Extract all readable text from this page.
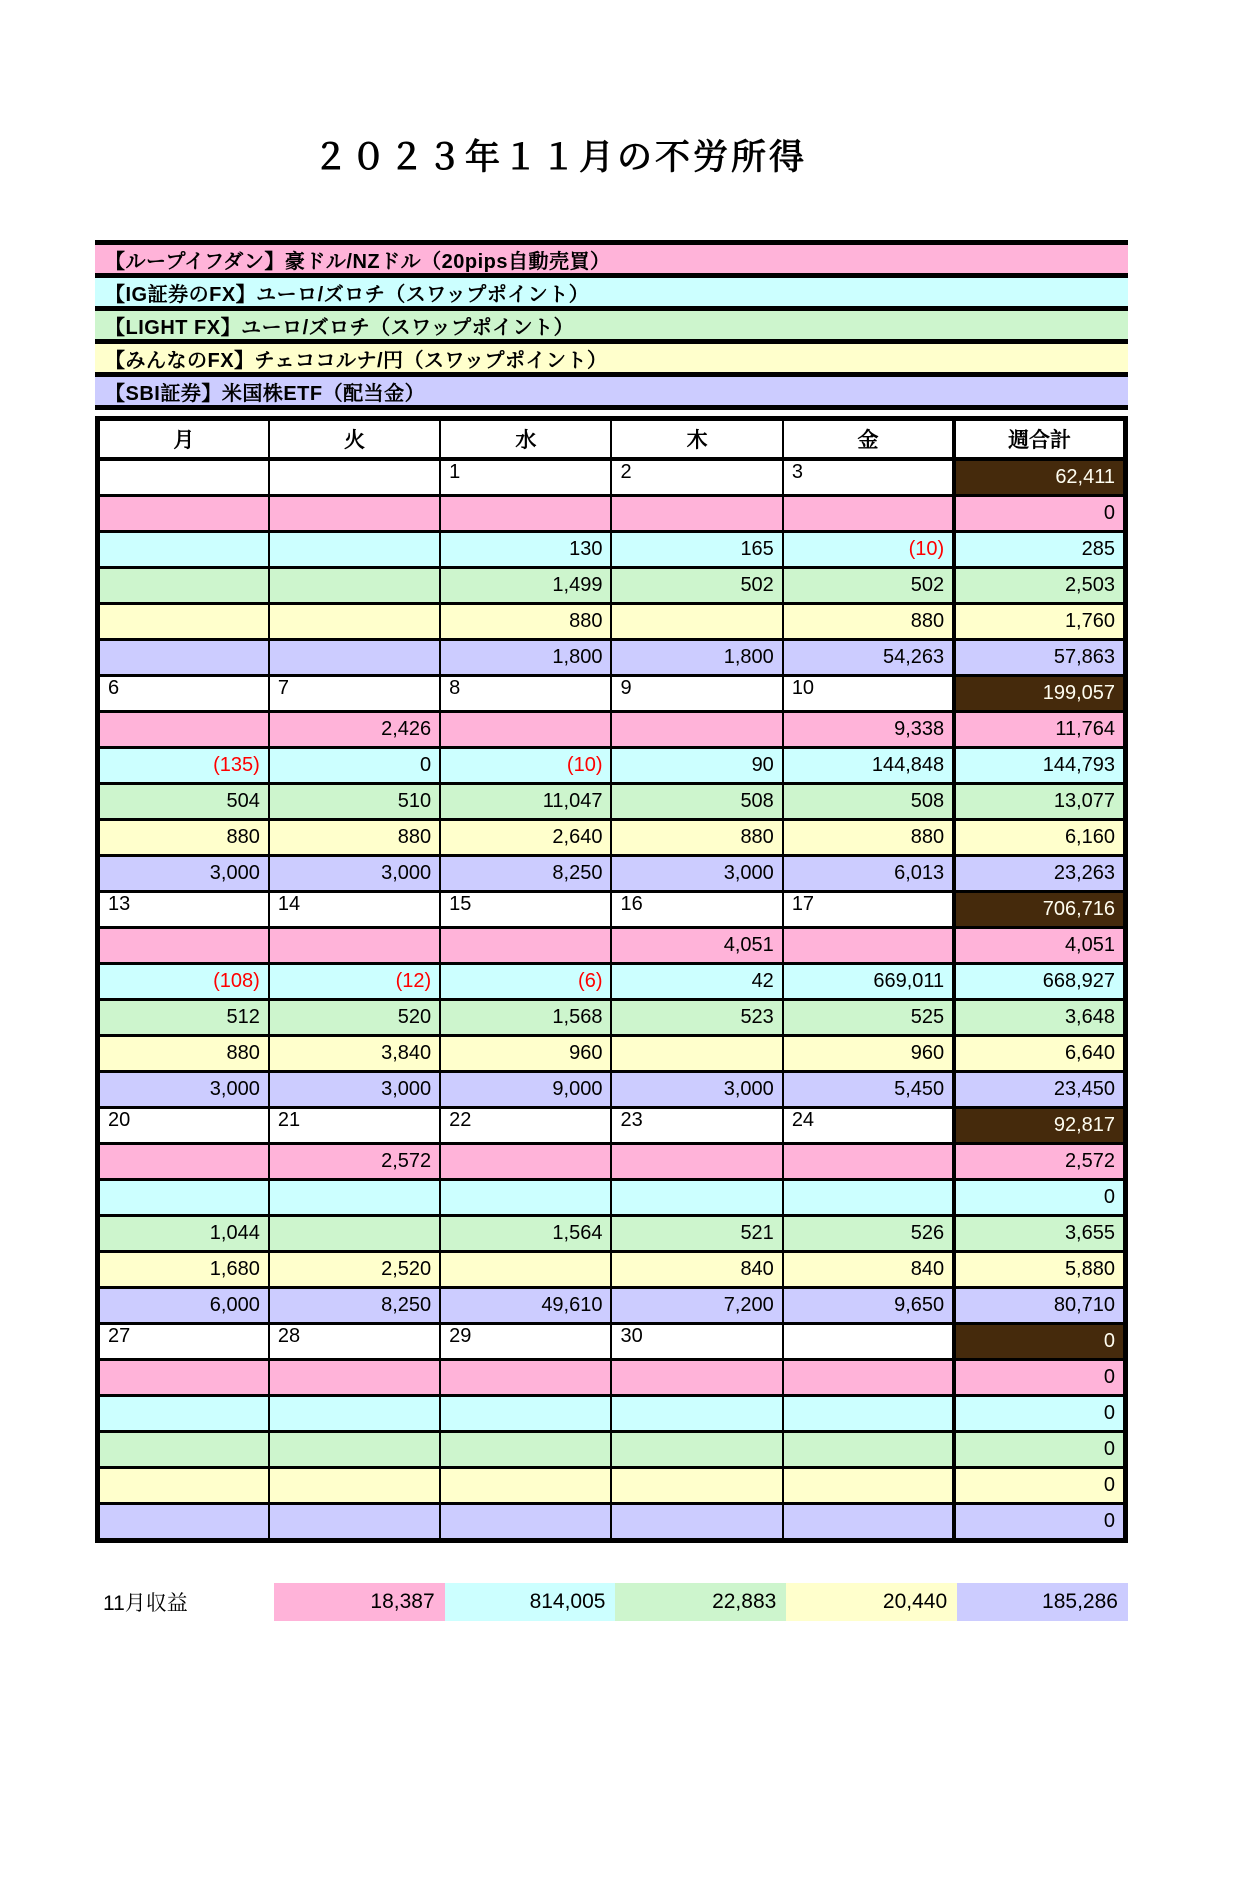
２０２３年１１月の不労所得
【ループイフダン】豪ドル/NZドル（20pips自動売買）
【IG証券のFX】ユーロ/ズロチ（スワップポイント）
【LIGHT FX】ユーロ/ズロチ（スワップポイント）
【みんなのFX】チェココルナ/円（スワップポイント）
【SBI証券】米国株ETF（配当金）
月	火	水	木	金	週合計
		1	2	3	62,411
					0
		130	165	(10)	285
		1,499	502	502	2,503
		880		880	1,760
		1,800	1,800	54,263	57,863
6	7	8	9	10	199,057
	2,426			9,338	11,764
(135)	0	(10)	90	144,848	144,793
504	510	11,047	508	508	13,077
880	880	2,640	880	880	6,160
3,000	3,000	8,250	3,000	6,013	23,263
13	14	15	16	17	706,716
			4,051		4,051
(108)	(12)	(6)	42	669,011	668,927
512	520	1,568	523	525	3,648
880	3,840	960		960	6,640
3,000	3,000	9,000	3,000	5,450	23,450
20	21	22	23	24	92,817
	2,572				2,572
					0
1,044		1,564	521	526	3,655
1,680	2,520		840	840	5,880
6,000	8,250	49,610	7,200	9,650	80,710
27	28	29	30		0
					0
					0
					0
					0
					0
11月収益	18,387	814,005	22,883	20,440	185,286
